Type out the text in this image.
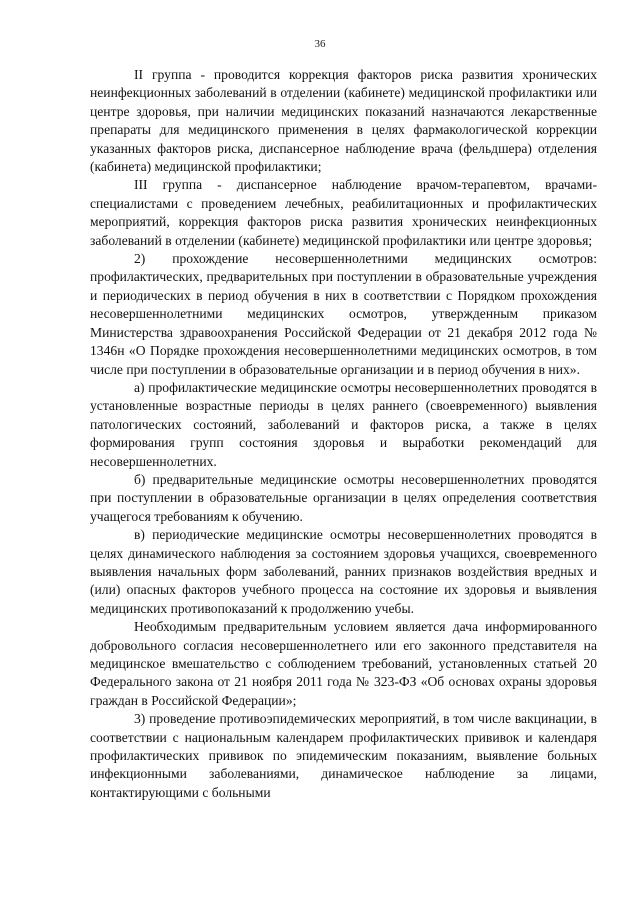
36

II группа - проводится коррекция факторов риска развития хронических неинфекционных заболеваний в отделении (кабинете) медицинской профилактики или центре здоровья, при наличии медицинских показаний назначаются лекарственные препараты для медицинского применения в целях фармакологической коррекции указанных факторов риска, диспансерное наблюдение врача (фельдшера) отделения (кабинета) медицинской профилактики;

III группа - диспансерное наблюдение врачом-терапевтом, врачами-специалистами с проведением лечебных, реабилитационных и профилактических мероприятий, коррекция факторов риска развития хронических неинфекционных заболеваний в отделении (кабинете) медицинской профилактики или центре здоровья;

2) прохождение несовершеннолетними медицинских осмотров: профилактических, предварительных при поступлении в образовательные учреждения и периодических в период обучения в них в соответствии с Порядком прохождения несовершеннолетними медицинских осмотров, утвержденным приказом Министерства здравоохранения Российской Федерации от 21 декабря 2012 года № 1346н «О Порядке прохождения несовершеннолетними медицинских осмотров, в том числе при поступлении в образовательные организации и в период обучения в них».

а) профилактические медицинские осмотры несовершеннолетних проводятся в установленные возрастные периоды в целях раннего (своевременного) выявления патологических состояний, заболеваний и факторов риска, а также в целях формирования групп состояния здоровья и выработки рекомендаций для несовершеннолетних.

б) предварительные медицинские осмотры несовершеннолетних проводятся при поступлении в образовательные организации в целях определения соответствия учащегося требованиям к обучению.

в) периодические медицинские осмотры несовершеннолетних проводятся в целях динамического наблюдения за состоянием здоровья учащихся, своевременного выявления начальных форм заболеваний, ранних признаков воздействия вредных и (или) опасных факторов учебного процесса на состояние их здоровья и выявления медицинских противопоказаний к продолжению учебы.

Необходимым предварительным условием является дача информированного добровольного согласия несовершеннолетнего или его законного представителя на медицинское вмешательство с соблюдением требований, установленных статьей 20 Федерального закона от 21 ноября 2011 года № 323-ФЗ «Об основах охраны здоровья граждан в Российской Федерации»;

3) проведение противоэпидемических мероприятий, в том числе вакцинации, в соответствии с национальным календарем профилактических прививок и календаря профилактических прививок по эпидемическим показаниям, выявление больных инфекционными заболеваниями, динамическое наблюдение за лицами, контактирующими с больными
